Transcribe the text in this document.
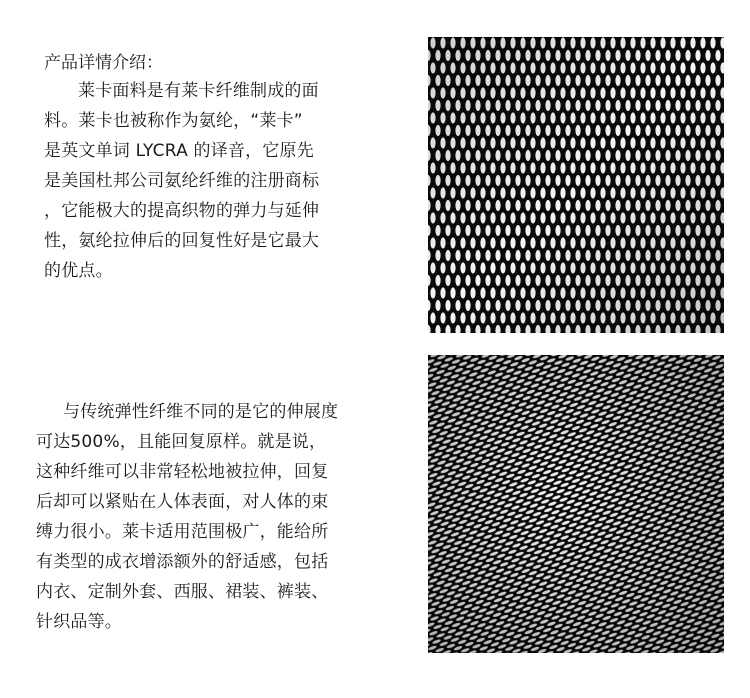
产品详情介绍：

莱卡面料是有莱卡纤维制成的面
料。莱卡也被称作为氨纶，“莱卡”
是英文单词 LYCRA 的译音，它原先
是美国杜邦公司氨纶纤维的注册商标
，它能极大的提高织物的弹力与延伸
性，氨纶拉伸后的回复性好是它最大
的优点。

与传统弹性纤维不同的是它的伸展度
可达500%，且能回复原样。就是说，
这种纤维可以非常轻松地被拉伸，回复
后却可以紧贴在人体表面，对人体的束
缚力很小。莱卡适用范围极广，能给所
有类型的成衣增添额外的舒适感，包括
内衣、定制外套、西服、裙装、裤装、
针织品等。
